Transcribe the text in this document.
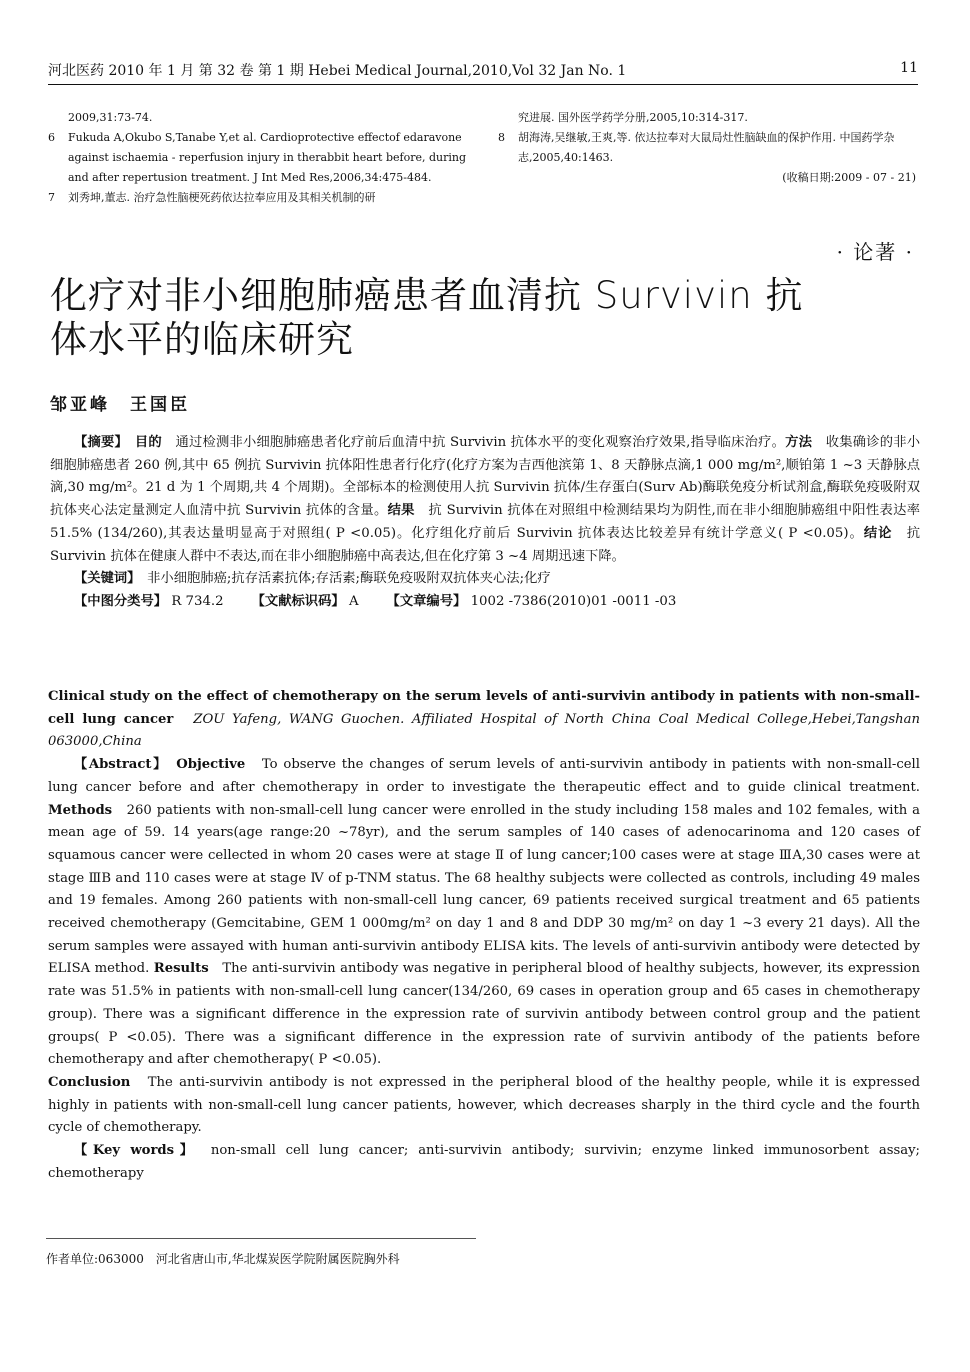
河北医药 2010 年 1 月 第 32 卷 第 1 期 Hebei Medical Journal,2010,Vol 32 Jan No. 1	11
2009,31:73-74.
6 Fukuda A,Okubo S,Tanabe Y,et al. Cardioprotective effectof edaravone against ischaemia - reperfusion injury in therabbit heart before, during and after repertusion treatment. J Int Med Res,2006,34:475-484.
7 刘秀坤,董志. 治疗急性脑梗死药依达拉奉应用及其相关机制的研
究进展. 国外医学药学分册,2005,10:314-317.
8 胡海涛,吴继敏,王爽,等. 依达拉奉对大鼠局灶性脑缺血的保护作用. 中国药学杂志,2005,40:1463.
(收稿日期:2009 - 07 - 21)
· 论著 ·
化疗对非小细胞肺癌患者血清抗 Survivin 抗体水平的临床研究
邹亚峰　王国臣
【摘要】　 目的　 通过检测非小细胞肺癌患者化疗前后血清中抗 Survivin 抗体水平的变化观察治疗效果,指导临床治疗。方法　 收集确诊的非小细胞肺癌患者 260 例,其中 65 例抗 Survivin 抗体阳性患者行化疗(化疗方案为吉西他滨第 1、8 天静脉点滴,1 000 mg/m²,顺铂第 1 ~3 天静脉点滴,30 mg/m²。21 d 为 1 个周期,共 4 个周期)。全部标本的检测使用人抗 Survivin 抗体/生存蛋白(Surv Ab)酶联免疫分析试剂盒,酶联免疫吸附双抗体夹心法定量测定人血清中抗 Survivin 抗体的含量。结果　 抗 Survivin 抗体在对照组中检测结果均为阴性,而在非小细胞肺癌组中阳性表达率 51.5% (134/260),其表达量明显高于对照组( P <0.05)。化疗组化疗前后 Survivin 抗体表达比较差异有统计学意义( P <0.05)。结论　 抗 Survivin 抗体在健康人群中不表达,而在非小细胞肺癌中高表达,但在化疗第 3 ~4 周期迅速下降。
【关键词】　 非小细胞肺癌;抗存活素抗体;存活素;酶联免疫吸附双抗体夹心法;化疗
【中图分类号】 R 734.2 【文献标识码】 A 【文章编号】 1002 -7386(2010)01 -0011 -03
Clinical study on the effect of chemotherapy on the serum levels of anti-survivin antibody in patients with non-small-cell lung cancer　 ZOU Yafeng, WANG Guochen. Affiliated Hospital of North China Coal Medical College,Hebei,Tangshan 063000,China
【Abstract】　 Objective　 To observe the changes of serum levels of anti-survivin antibody in patients with non-small-cell lung cancer before and after chemotherapy in order to investigate the therapeutic effect and to guide clinical treatment. Methods　 260 patients with non-small-cell lung cancer were enrolled in the study including 158 males and 102 females, with a mean age of 59. 14 years(age range:20 ~78yr), and the serum samples of 140 cases of adenocarinoma and 120 cases of squamous cancer were cellected in whom 20 cases were at stage Ⅱ of lung cancer;100 cases were at stage ⅢA,30 cases were at stage ⅢB and 110 cases were at stage Ⅳ of p-TNM status. The 68 healthy subjects were collected as controls, including 49 males and 19 females. Among 260 patients with non-small-cell lung cancer, 69 patients received surgical treatment and 65 patients received chemotherapy (Gemcitabine, GEM 1 000mg/m² on day 1 and 8 and DDP 30 mg/m² on day 1 ~3 every 21 days). All the serum samples were assayed with human anti-survivin antibody ELISA kits. The levels of anti-survivin antibody were detected by ELISA method. Results　 The anti-survivin antibody was negative in peripheral blood of healthy subjects, however, its expression rate was 51.5% in patients with non-small-cell lung cancer(134/260, 69 cases in operation group and 65 cases in chemotherapy group). There was a significant difference in the expression rate of survivin antibody between control group and the patient groups( P <0.05). There was a significant difference in the expression rate of survivin antibody of the patients before chemotherapy and after chemotherapy( P <0.05).
Conclusion　 The anti-survivin antibody is not expressed in the peripheral blood of the healthy people, while it is expressed highly in patients with non-small-cell lung cancer patients, however, which decreases sharply in the third cycle and the fourth cycle of chemotherapy.
【Key words】　 non-small cell lung cancer; anti-survivin antibody; survivin; enzyme linked immunosorbent assay; chemotherapy
作者单位:063000　河北省唐山市,华北煤炭医学院附属医院胸外科
